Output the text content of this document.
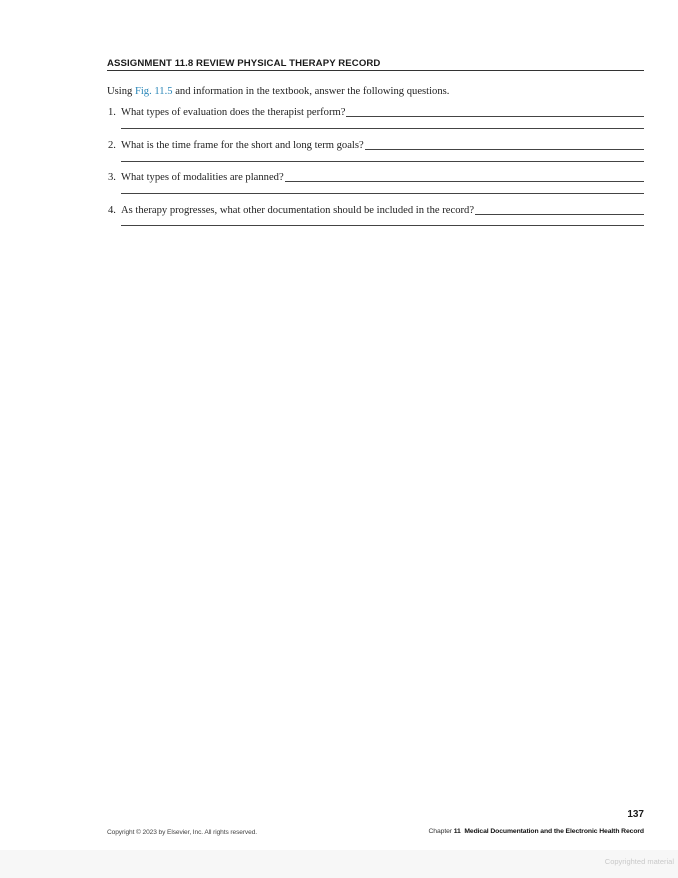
ASSIGNMENT 11.8 REVIEW PHYSICAL THERAPY RECORD
Using Fig. 11.5 and information in the textbook, answer the following questions.
1. What types of evaluation does the therapist perform?
2. What is the time frame for the short and long term goals?
3. What types of modalities are planned?
4. As therapy progresses, what other documentation should be included in the record?
137
Copyright © 2023 by Elsevier, Inc. All rights reserved.	Chapter 11 Medical Documentation and the Electronic Health Record
Copyrighted material
